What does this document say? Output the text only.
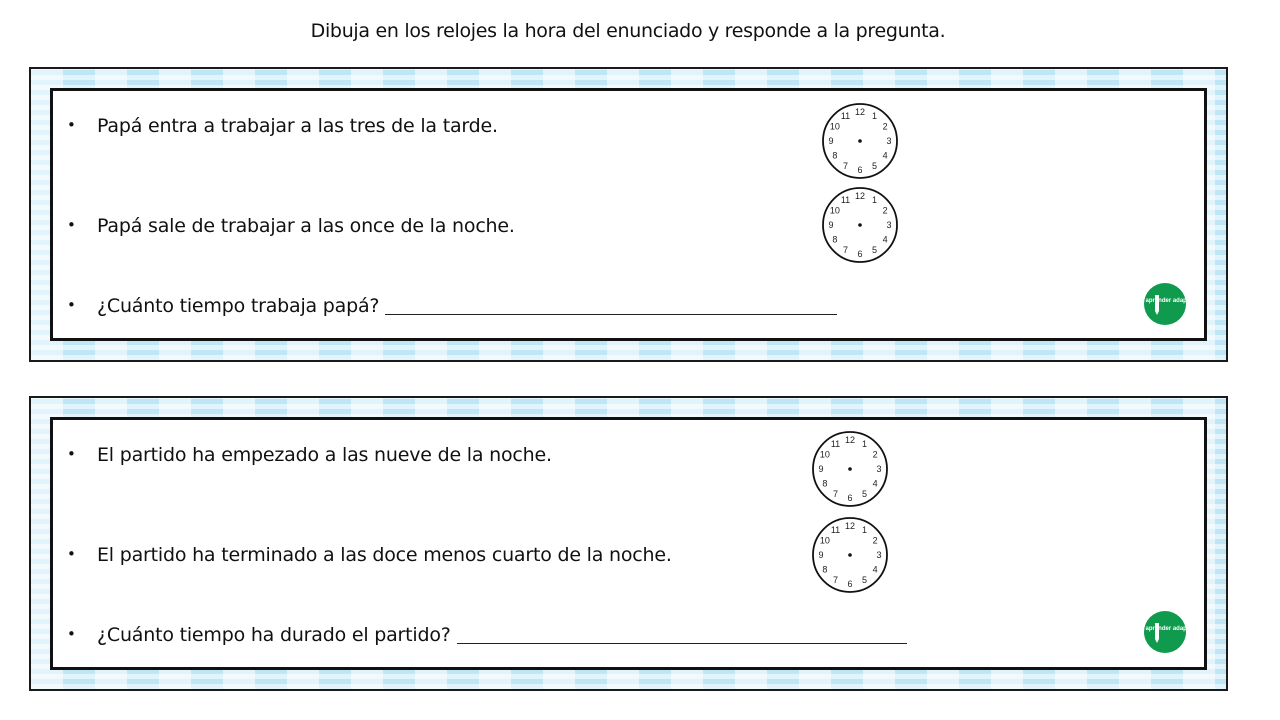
Dibuja en los relojes la hora del enunciado y responde a la pregunta.
• Papá entra a trabajar a las tres de la tarde.
• Papá sale de trabajar a las once de la noche.
• ¿Cuánto tiempo trabaja papá?
12 1
2
3
4
5
6
7
8
9
10
11
12 1
2
3
4
5
6
7
8
9
10
11
aprender adaptar
• El partido ha empezado a las nueve de la noche.
• El partido ha terminado a las doce menos cuarto de la noche.
• ¿Cuánto tiempo ha durado el partido?
12 1
2
3
4
5
6
7
8
9
10
11
12 1
2
3
4
5
6
7
8
9
10
11
aprender adaptar
